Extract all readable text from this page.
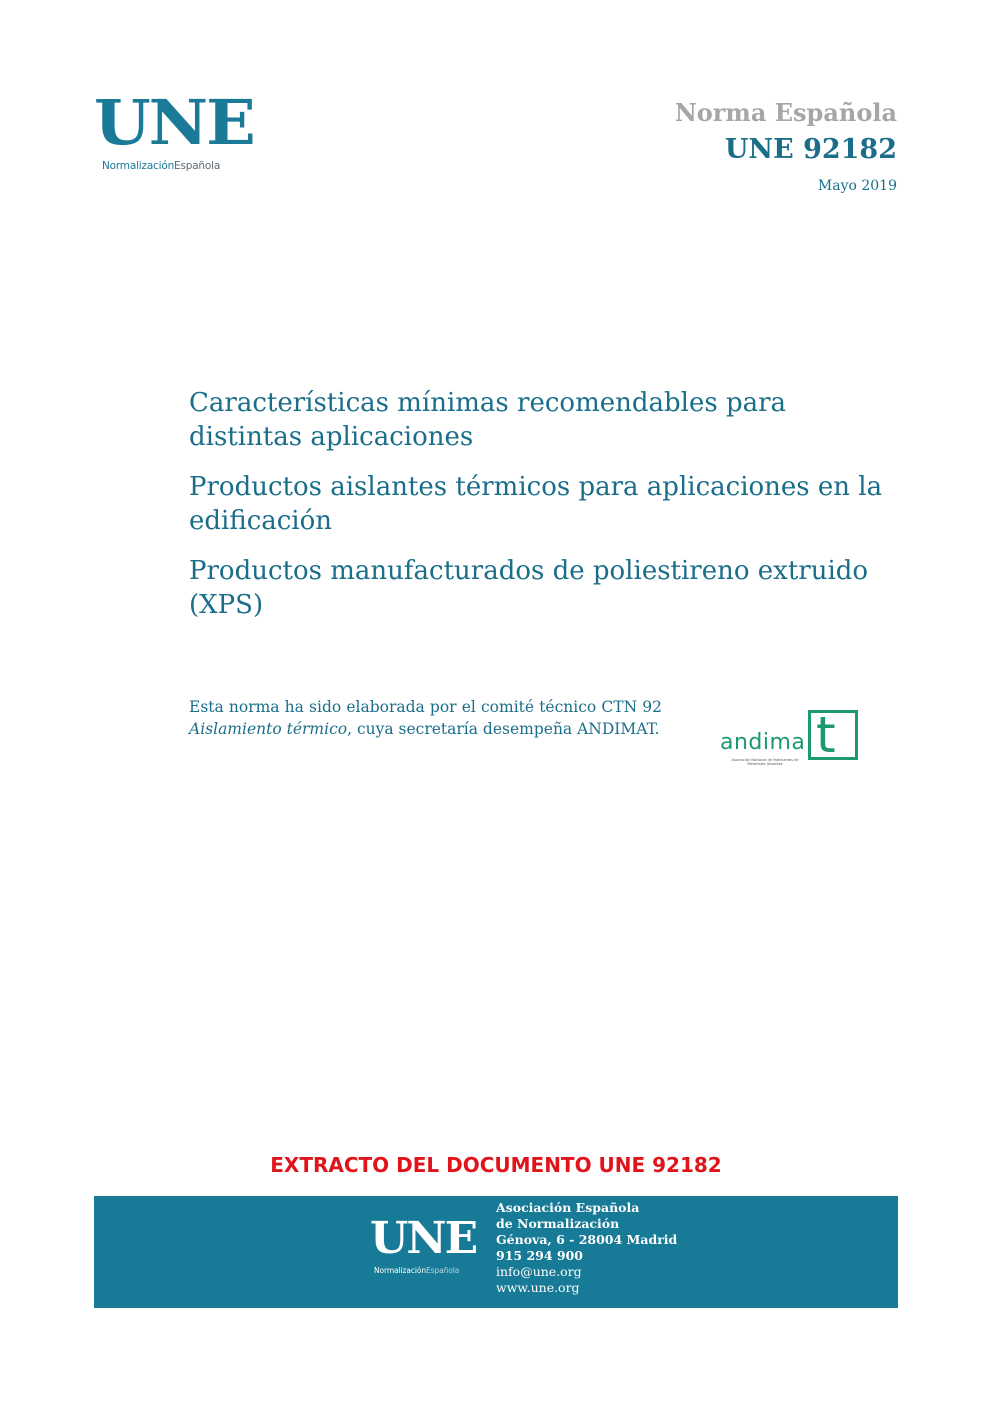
UNE
NormalizaciónEspañola
Norma Española
UNE 92182
Mayo 2019
Características mínimas recomendables para distintas aplicaciones
Productos aislantes térmicos para aplicaciones en la edificación
Productos manufacturados de poliestireno extruido (XPS)
Esta norma ha sido elaborada por el comité técnico CTN 92 Aislamiento térmico, cuya secretaría desempeña ANDIMAT.
andima t
Asociación Nacional de Fabricantes de Materiales Aislantes
EXTRACTO DEL DOCUMENTO UNE 92182
UNE
NormalizaciónEspañola
Asociación Española
de Normalización
Génova, 6 - 28004 Madrid
915 294 900
info@une.org
www.une.org
